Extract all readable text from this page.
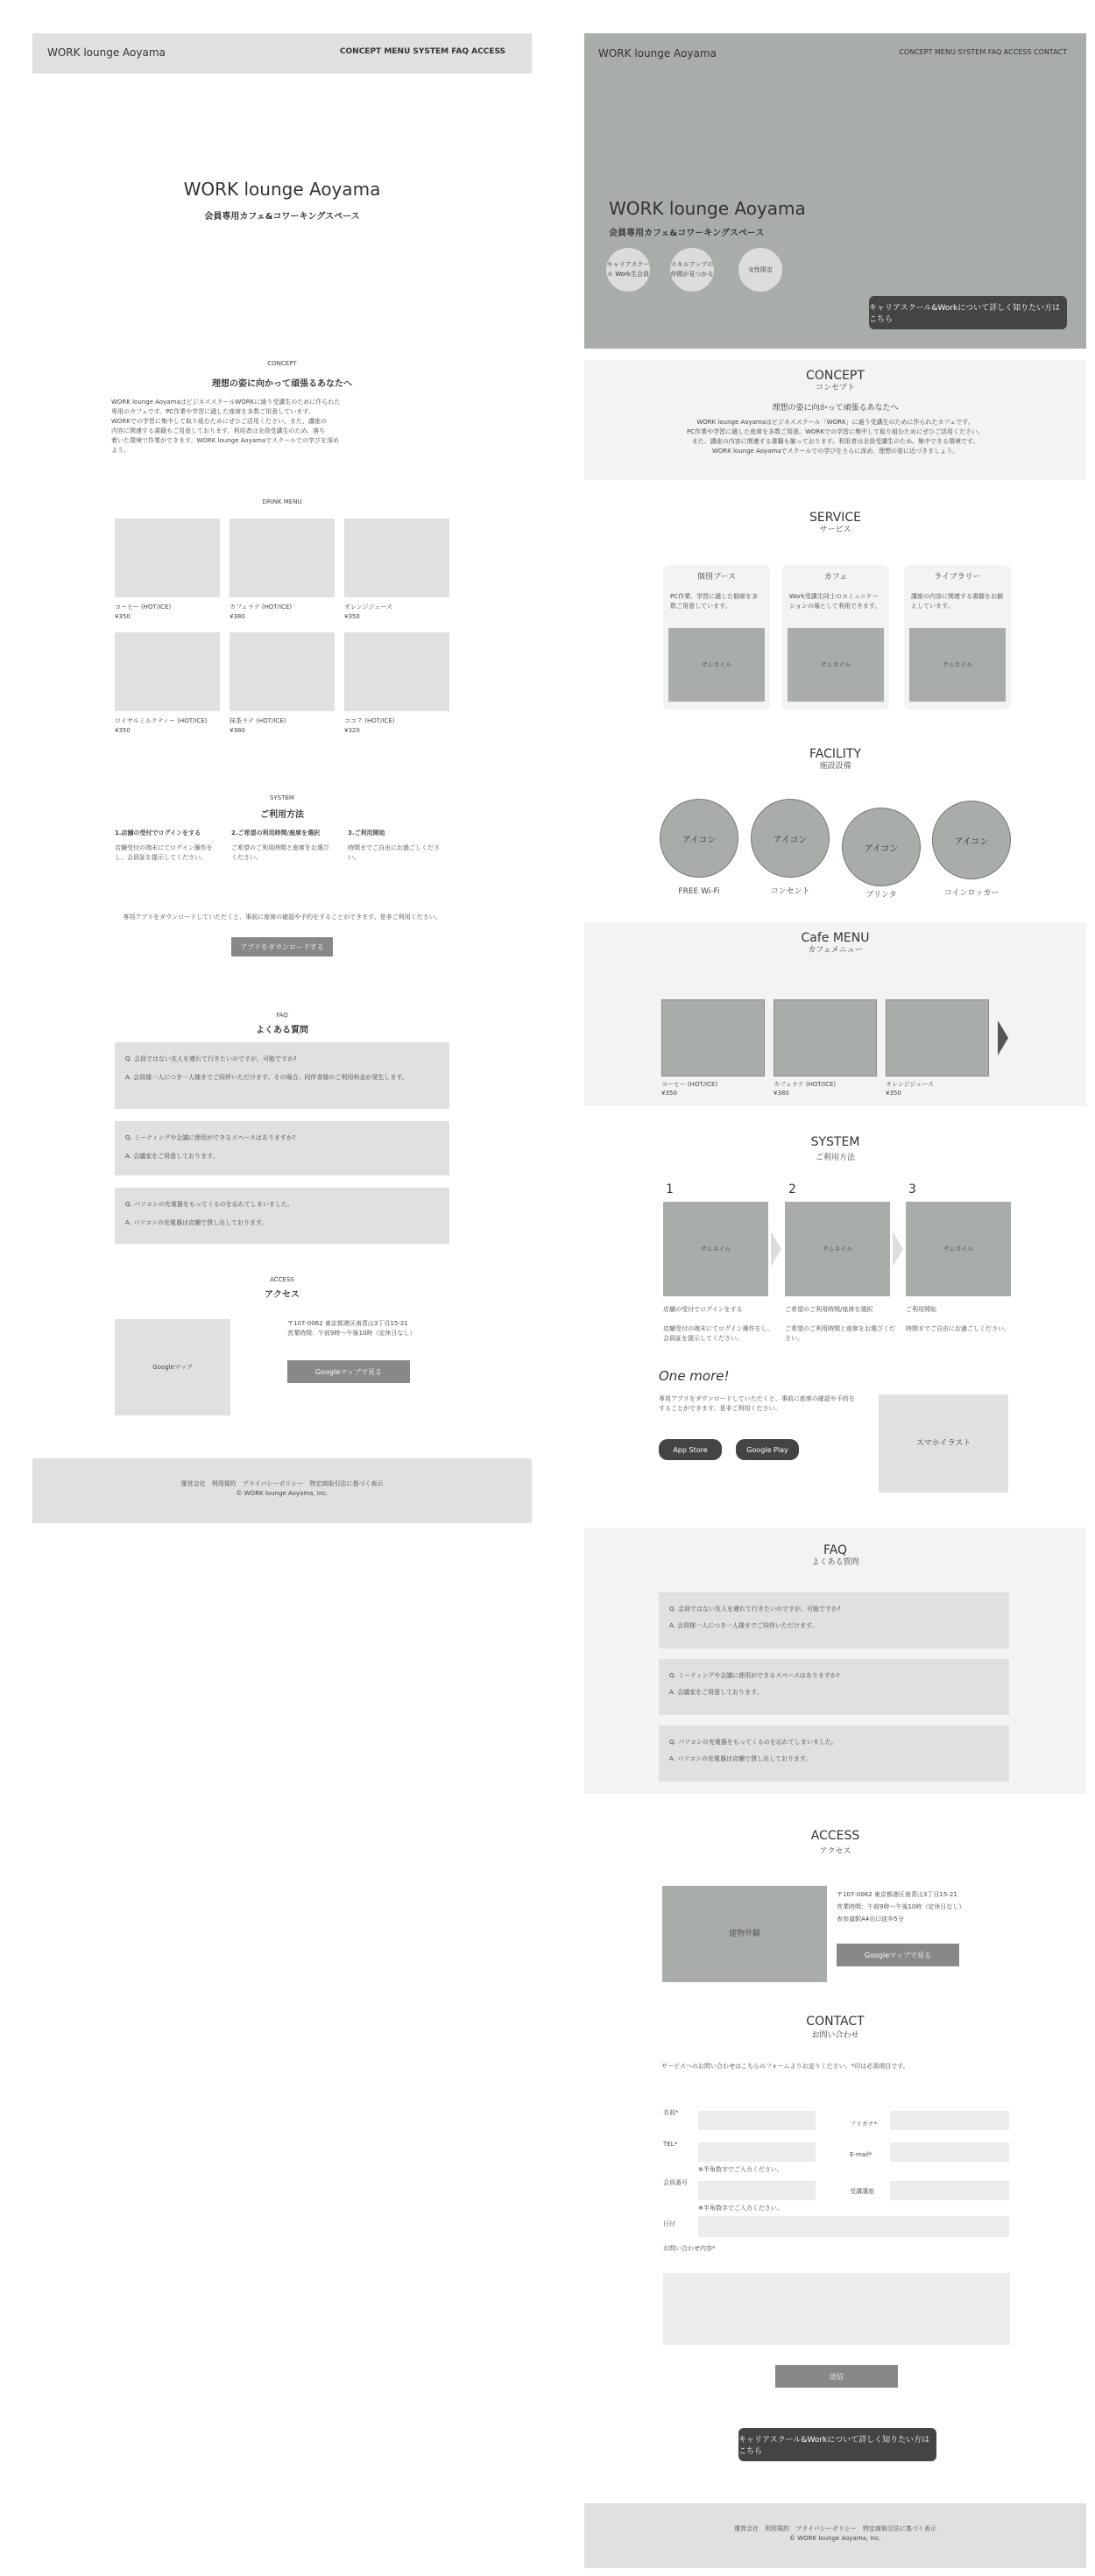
WORK lounge Aoyama	CONCEPT MENU SYSTEM FAQ ACCESS
WORK lounge Aoyama
会員専用カフェ&コワーキングスペース
CONCEPT
理想の姿に向かって頑張るあなたへ
WORK lounge AoyamaはビジネススクールWORKに通う受講生のために作られた
専用のカフェです。PC作業や学習に適した座席を多数ご用意しています。
WORKでの学習に集中して取り組むためにぜひご活用ください。また、講座の
内容に関連する書籍もご用意しております。利用者は全員受講生のため、落ち
着いた環境で作業ができます。WORK lounge Aoyamaでスクールでの学びを深め
よう。
DRINK MENU
コーヒー (HOT/ICE)
¥350
カフェラテ (HOT/ICE)
¥380
オレンジジュース
¥350
ロイヤルミルクティー (HOT/ICE)
¥350
抹茶ラテ (HOT/ICE)
¥380
ココア (HOT/ICE)
¥320
SYSTEM
ご利用方法
1.店舗の受付でログインをする
店舗受付の端末にてログイン操作をし、会員証を提示してください。
2.ご希望の利用時間/座席を選択
ご希望のご利用時間と座席をお選びください。
3.ご利用開始
時間までご自由にお過ごしください。
専用アプリをダウンロードしていただくと、事前に座席の確認や予約をすることができます。是非ご利用ください。
アプリをダウンロードする
FAQ
よくある質問
Q. 会員ではない友人を連れて行きたいのですが、可能ですか?
A. 会員様一人につき一人様までご同伴いただけます。その場合、同伴者様のご利用料金が発生します。
Q. ミーティングや会議に使用ができるスペースはありますか?
A. 会議室をご用意しております。
Q. パソコンの充電器をもってくるのを忘れてしまいました。
A. パソコンの充電器は店舗で貸し出しております。
ACCESS
アクセス
Googleマップ
〒107-0062 東京都港区南青山3丁目15-21
営業時間：午前9時〜午後10時（定休日なし）
Googleマップで見る
運営会社　利用規約　プライバシーポリシー　特定商取引法に基づく表示
© WORK lounge Aoyama, Inc.
WORK lounge Aoyama	CONCEPT MENU SYSTEM FAQ ACCESS CONTACT
WORK lounge Aoyama
会員専用カフェ&コワーキングスペース
キャリアスクール Work生会員
スキルアップの 仲間が見つかる
女性限定
キャリアスクール&Workについて詳しく知りたい方はこちら
CONCEPT
コンセプト
理想の姿に向かって頑張るあなたへ
WORK lounge Aoyamaはビジネススクール「WORK」に通う受講生のために作られたカフェです。
PC作業や学習に適した座席を多数ご用意。WORKでの学習に集中して取り組むためにぜひご活用ください。
また、講座の内容に関連する書籍も揃っております。利用者は全員受講生のため、集中できる環境です。
WORK lounge Aoyamaでスクールでの学びをさらに深め、理想の姿に近づきましょう。
SERVICE
サービス
個別ブース
PC作業、学習に適した個席を多数ご用意しています。
サムネイル
カフェ
Work受講生同士のコミュニケーションの場として利用できます。
サムネイル
ライブラリー
講座の内容に関連する書籍をお揃えしています。
サムネイル
FACILITY
施設設備
アイコン
FREE Wi-Fi
アイコン
コンセント
アイコン
プリンタ
アイコン
コインロッカー
Cafe MENU
カフェメニュー
コーヒー (HOT/ICE)
¥350
カフェラテ (HOT/ICE)
¥380
オレンジジュース
¥350
SYSTEM
ご利用方法
1
サムネイル
店舗の受付でログインをする
店舗受付の端末にてログイン操作をし、会員証を提示してください。
2
サムネイル
ご希望のご利用時間/座席を選択
ご希望のご利用時間と座席をお選びください。
3
サムネイル
ご利用開始
時間までご自由にお過ごしください。
One more!
専用アプリをダウンロードしていただくと、事前に座席の確認や予約をすることができます。是非ご利用ください。
App Store	Google Play
スマホイラスト
FAQ
よくある質問
Q. 会員ではない友人を連れて行きたいのですが、可能ですか?
A. 会員様一人につき一人様までご同伴いただけます。
Q. ミーティングや会議に使用ができるスペースはありますか?
A. 会議室をご用意しております。
Q. パソコンの充電器をもってくるのを忘れてしまいました。
A. パソコンの充電器は店舗で貸し出しております。
ACCESS
アクセス
建物外観
〒107-0062 東京都港区南青山3丁目15-21
営業時間：午前9時〜午後10時（定休日なし）
表参道駅A4出口徒歩5分
Googleマップで見る
CONTACT
お問い合わせ
サービスへのお問い合わせはこちらのフォームよりお送りください。*印は必須項目です。
名前*
フリガナ*
TEL*
E-mail*
※半角数字でご入力ください。
会員番号
受講講座
※半角数字でご入力ください。
日付
お問い合わせ内容*
送信
キャリアスクール&Workについて詳しく知りたい方はこちら
運営会社　利用規約　プライバシーポリシー　特定商取引法に基づく表示
© WORK lounge Aoyama, Inc.
